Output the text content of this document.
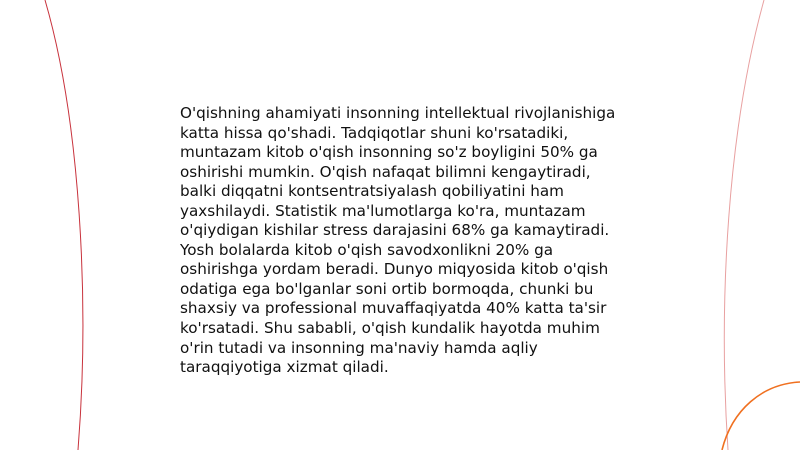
O'qishning ahamiyati insonning intellektual rivojlanishiga katta hissa qo'shadi. Tadqiqotlar shuni ko'rsatadiki, muntazam kitob o'qish insonning so'z boyligini 50% ga oshirishi mumkin. O'qish nafaqat bilimni kengaytiradi, balki diqqatni kontsentratsiyalash qobiliyatini ham yaxshilaydi. Statistik ma'lumotlarga ko'ra, muntazam o'qiydigan kishilar stress darajasini 68% ga kamaytiradi. Yosh bolalarda kitob o'qish savodxonlikni 20% ga oshirishga yordam beradi. Dunyo miqyosida kitob o'qish odatiga ega bo'lganlar soni ortib bormoqda, chunki bu shaxsiy va professional muvaffaqiyatda 40% katta ta'sir ko'rsatadi. Shu sababli, o'qish kundalik hayotda muhim o'rin tutadi va insonning ma'naviy hamda aqliy taraqqiyotiga xizmat qiladi.
